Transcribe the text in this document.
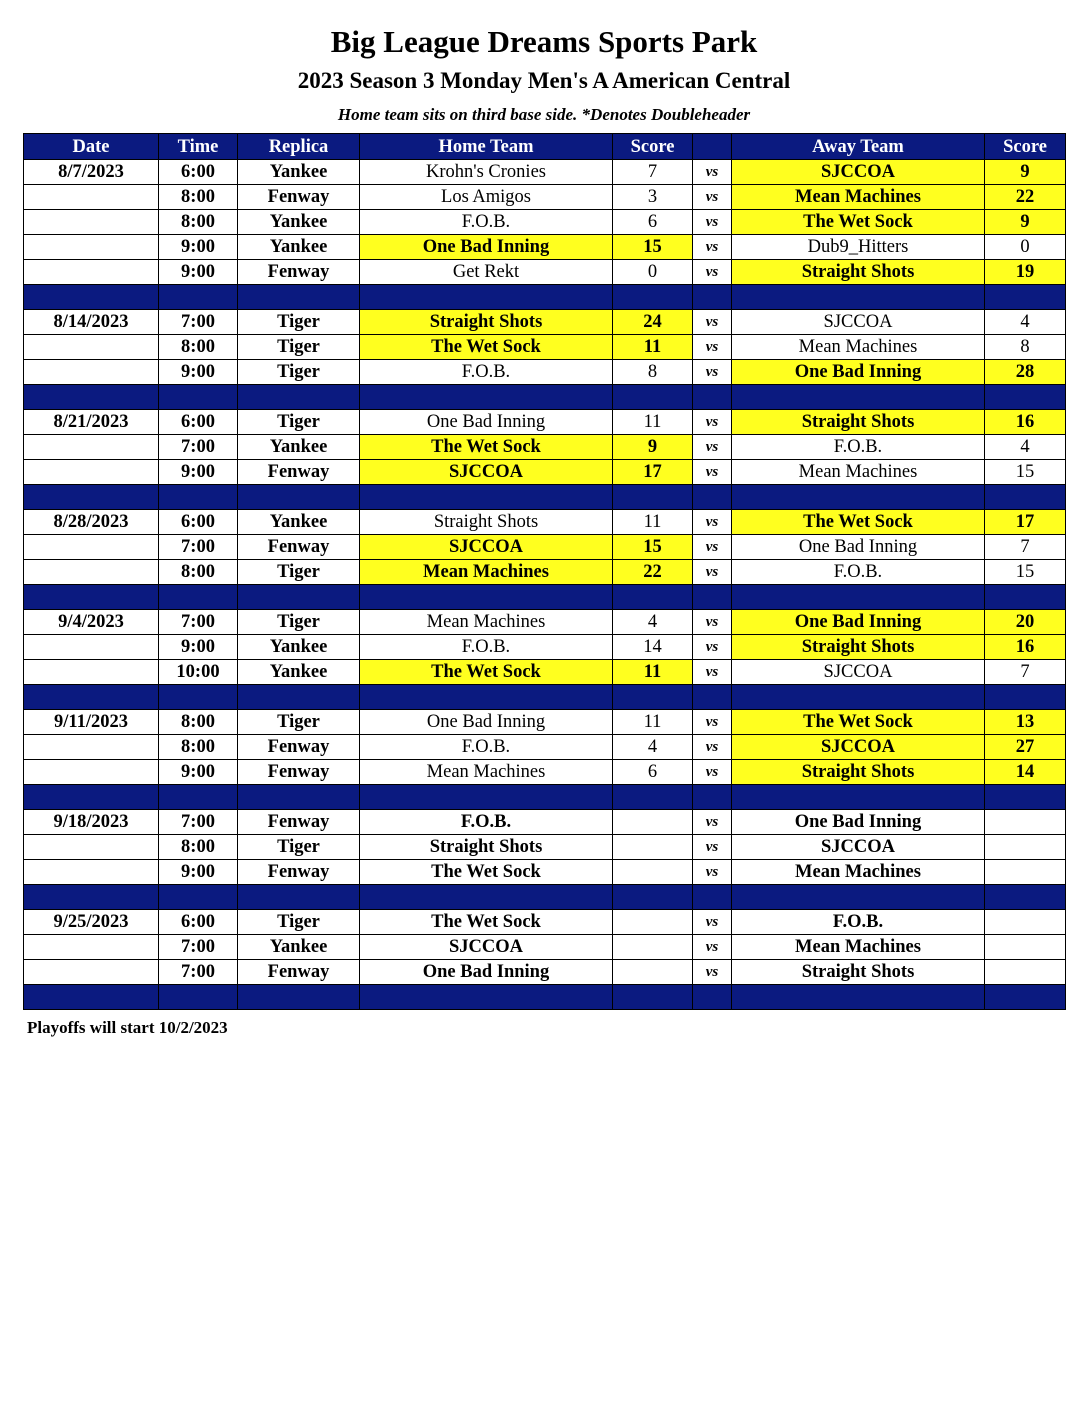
Big League Dreams Sports Park
2023 Season 3 Monday Men's A American Central
Home team sits on third base side. *Denotes Doubleheader
Date	Time	Replica	Home Team	Score		Away Team	Score
8/7/2023	6:00	Yankee	Krohn's Cronies	7	vs	SJCCOA	9
	8:00	Fenway	Los Amigos	3	vs	Mean Machines	22
	8:00	Yankee	F.O.B.	6	vs	The Wet Sock	9
	9:00	Yankee	One Bad Inning	15	vs	Dub9_Hitters	0
	9:00	Fenway	Get Rekt	0	vs	Straight Shots	19

8/14/2023	7:00	Tiger	Straight Shots	24	vs	SJCCOA	4
	8:00	Tiger	The Wet Sock	11	vs	Mean Machines	8
	9:00	Tiger	F.O.B.	8	vs	One Bad Inning	28

8/21/2023	6:00	Tiger	One Bad Inning	11	vs	Straight Shots	16
	7:00	Yankee	The Wet Sock	9	vs	F.O.B.	4
	9:00	Fenway	SJCCOA	17	vs	Mean Machines	15

8/28/2023	6:00	Yankee	Straight Shots	11	vs	The Wet Sock	17
	7:00	Fenway	SJCCOA	15	vs	One Bad Inning	7
	8:00	Tiger	Mean Machines	22	vs	F.O.B.	15

9/4/2023	7:00	Tiger	Mean Machines	4	vs	One Bad Inning	20
	9:00	Yankee	F.O.B.	14	vs	Straight Shots	16
	10:00	Yankee	The Wet Sock	11	vs	SJCCOA	7

9/11/2023	8:00	Tiger	One Bad Inning	11	vs	The Wet Sock	13
	8:00	Fenway	F.O.B.	4	vs	SJCCOA	27
	9:00	Fenway	Mean Machines	6	vs	Straight Shots	14

9/18/2023	7:00	Fenway	F.O.B.		vs	One Bad Inning	
	8:00	Tiger	Straight Shots		vs	SJCCOA	
	9:00	Fenway	The Wet Sock		vs	Mean Machines	

9/25/2023	6:00	Tiger	The Wet Sock		vs	F.O.B.	
	7:00	Yankee	SJCCOA		vs	Mean Machines	
	7:00	Fenway	One Bad Inning		vs	Straight Shots	

Playoffs will start 10/2/2023
